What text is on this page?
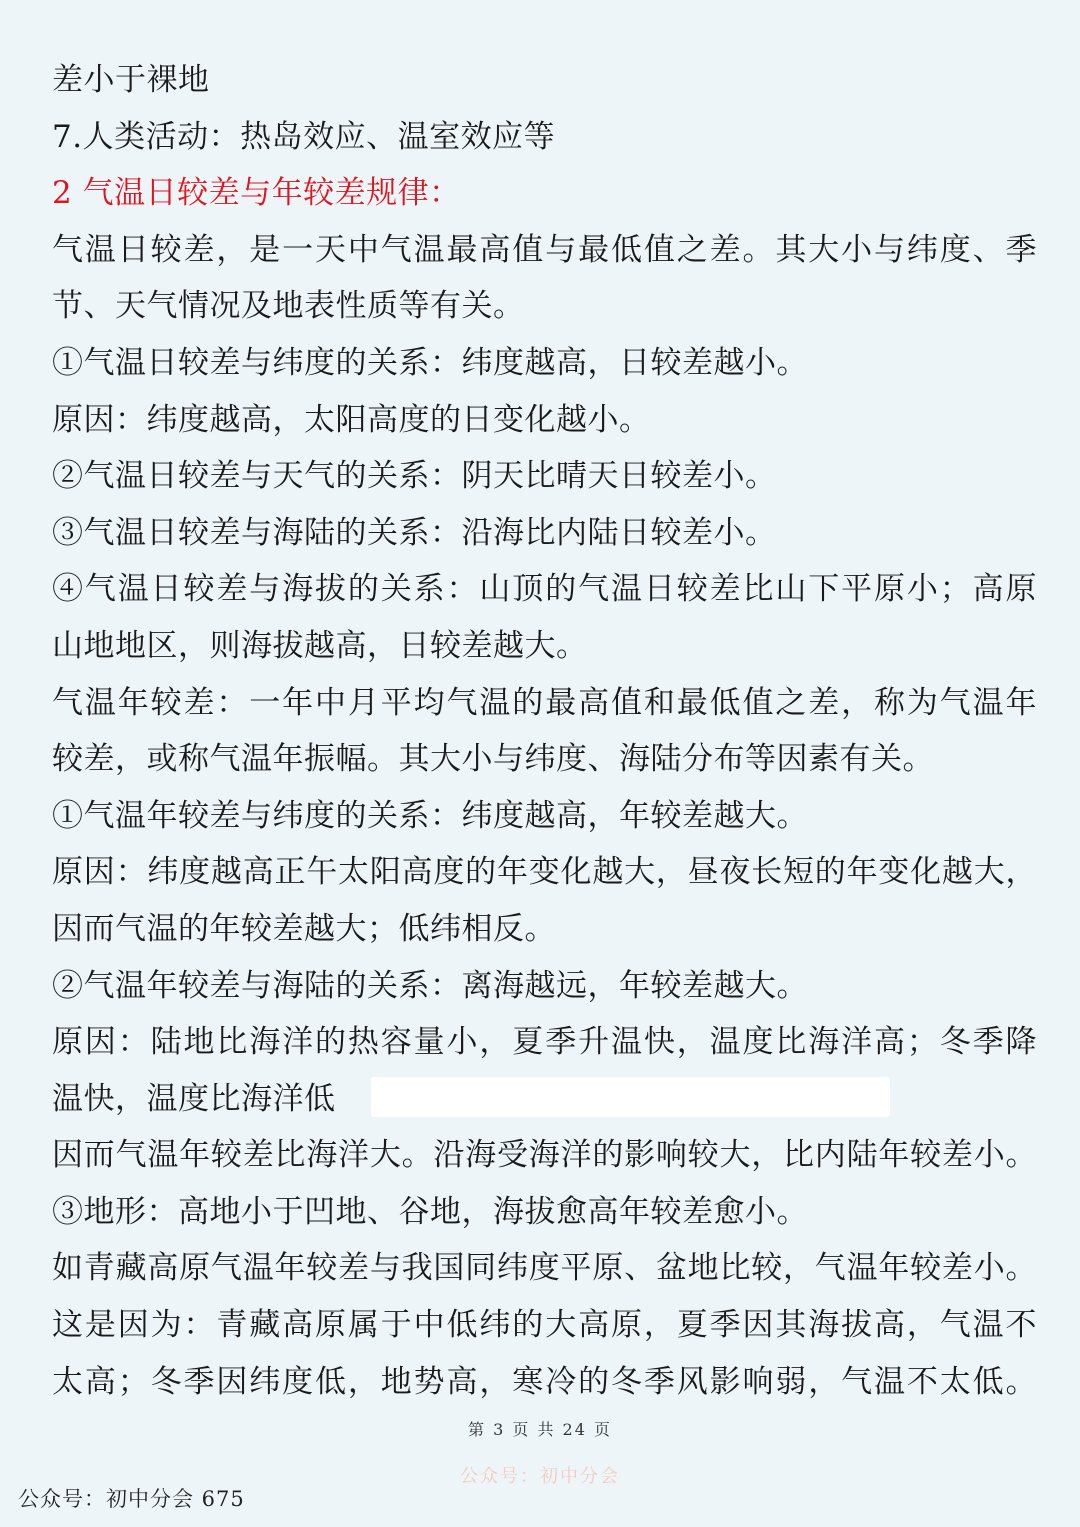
差小于裸地
7.人类活动：热岛效应、温室效应等
2 气温日较差与年较差规律：
气温日较差，是一天中气温最高值与最低值之差。其大小与纬度、季
节、天气情况及地表性质等有关。
①气温日较差与纬度的关系：纬度越高，日较差越小。
原因：纬度越高，太阳高度的日变化越小。
②气温日较差与天气的关系：阴天比晴天日较差小。
③气温日较差与海陆的关系：沿海比内陆日较差小。
④气温日较差与海拔的关系：山顶的气温日较差比山下平原小；高原
山地地区，则海拔越高，日较差越大。
气温年较差：一年中月平均气温的最高值和最低值之差，称为气温年
较差，或称气温年振幅。其大小与纬度、海陆分布等因素有关。
①气温年较差与纬度的关系：纬度越高，年较差越大。
原因：纬度越高正午太阳高度的年变化越大，昼夜长短的年变化越大，
因而气温的年较差越大；低纬相反。
②气温年较差与海陆的关系：离海越远，年较差越大。
原因：陆地比海洋的热容量小，夏季升温快，温度比海洋高；冬季降
温快，温度比海洋低
因而气温年较差比海洋大。沿海受海洋的影响较大，比内陆年较差小。
③地形：高地小于凹地、谷地，海拔愈高年较差愈小。
如青藏高原气温年较差与我国同纬度平原、盆地比较，气温年较差小。
这是因为：青藏高原属于中低纬的大高原，夏季因其海拔高，气温不
太高；冬季因纬度低，地势高，寒冷的冬季风影响弱，气温不太低。
第 3 页 共 24 页
公众号：初中分会
公众号：初中分会 675
